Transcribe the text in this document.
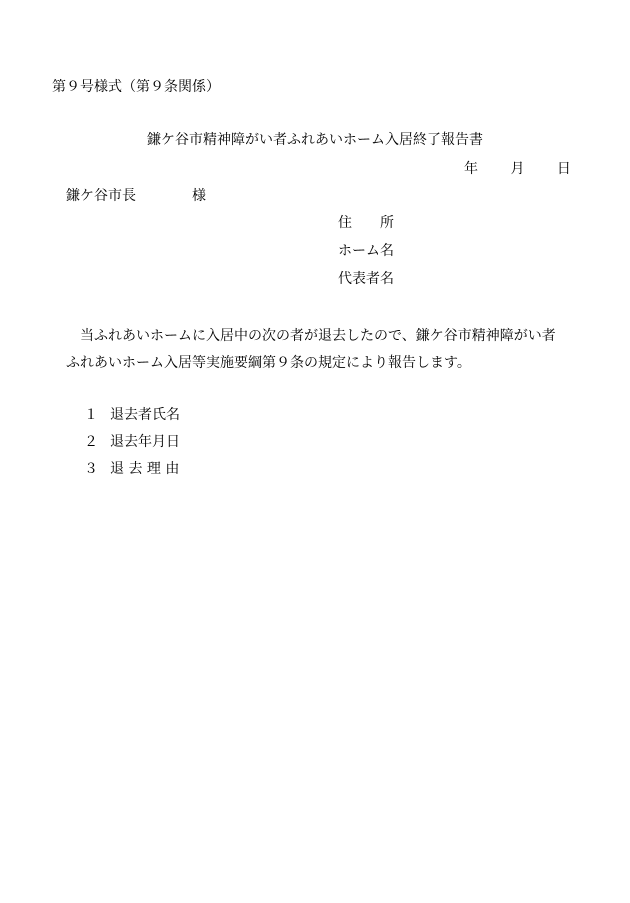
第９号様式（第９条関係）
鎌ケ谷市精神障がい者ふれあいホーム入居終了報告書
年 月 日
鎌ケ谷市長	様
住 所
ホーム名
代表者名
当ふれあいホームに入居中の次の者が退去したので、鎌ケ谷市精神障がい者
ふれあいホーム入居等実施要綱第９条の規定により報告します。
１ 退去者氏名
２ 退去年月日
３ 退 去 理 由
